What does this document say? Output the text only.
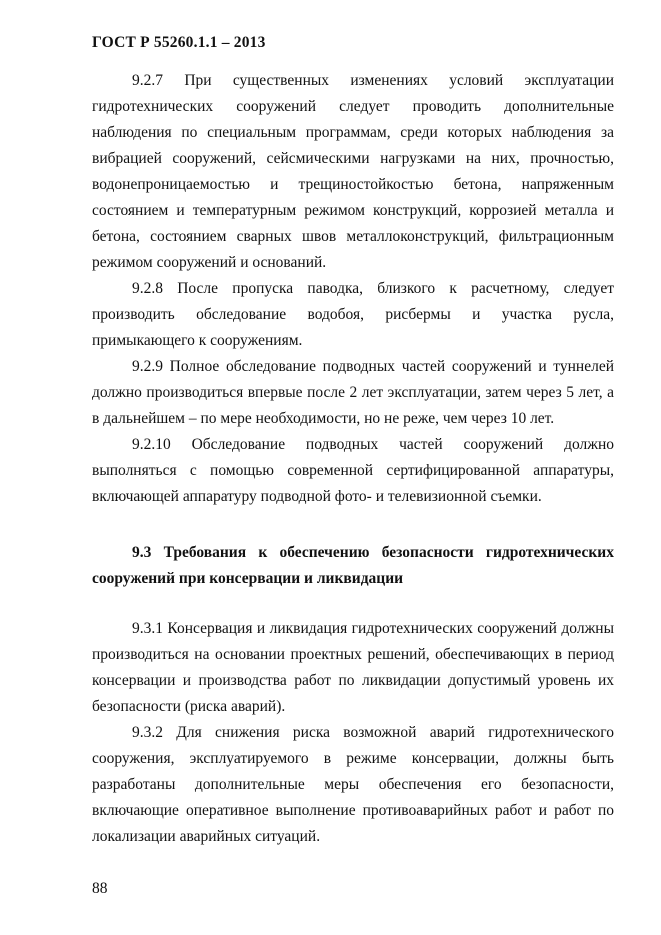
ГОСТ Р 55260.1.1 – 2013

9.2.7 При существенных изменениях условий эксплуатации гидротехнических сооружений следует проводить дополнительные наблюдения по специальным программам, среди которых наблюдения за вибрацией сооружений, сейсмическими нагрузками на них, прочностью, водонепроницаемостью и трещиностойкостью бетона, напряженным состоянием и температурным режимом конструкций, коррозией металла и бетона, состоянием сварных швов металлоконструкций, фильтрационным режимом сооружений и оснований.

9.2.8 После пропуска паводка, близкого к расчетному, следует производить обследование водобоя, рисбермы и участка русла, примыкающего к сооружениям.

9.2.9 Полное обследование подводных частей сооружений и туннелей должно производиться впервые после 2 лет эксплуатации, затем через 5 лет, а в дальнейшем – по мере необходимости, но не реже, чем через 10 лет.

9.2.10 Обследование подводных частей сооружений должно выполняться с помощью современной сертифицированной аппаратуры, включающей аппаратуру подводной фото- и телевизионной съемки.

9.3 Требования к обеспечению безопасности гидротехнических сооружений при консервации и ликвидации

9.3.1 Консервация и ликвидация гидротехнических сооружений должны производиться на основании проектных решений, обеспечивающих в период консервации и производства работ по ликвидации допустимый уровень их безопасности (риска аварий).

9.3.2 Для снижения риска возможной аварий гидротехнического сооружения, эксплуатируемого в режиме консервации, должны быть разработаны дополнительные меры обеспечения его безопасности, включающие оперативное выполнение противоаварийных работ и работ по локализации аварийных ситуаций.

88
